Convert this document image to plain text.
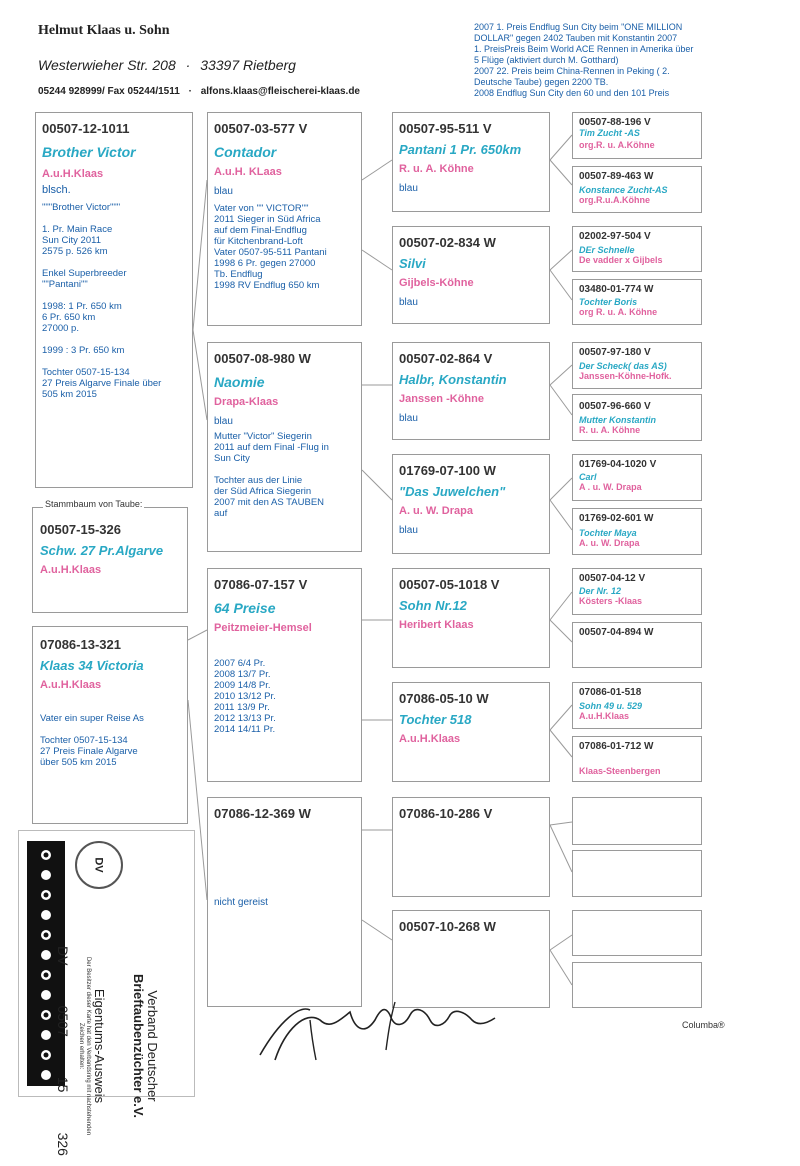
Helmut Klaas u. Sohn
Westerwieher Str. 208 · 33397 Rietberg
05244 928999/ Fax 05244/1511 · alfons.klaas@fleischerei-klaas.de
2007 1. Preis Endflug Sun City beim "ONE MILLION
DOLLAR" gegen 2402 Tauben mit Konstantin 2007
1. PreisPreis Beim World ACE Rennen in Amerika über
5 Flüge (aktiviert durch M. Gotthard)
2007 22. Preis beim China-Rennen in Peking ( 2.
Deutsche Taube) gegen 2200 TB.
2008 Endflug Sun City den 60 und den 101 Preis
00507-12-1011
Brother Victor
A.u.H.Klaas
blsch.
"""Brother Victor"""

1. Pr. Main Race
Sun City 2011
2575 p. 526 km

Enkel Superbreeder
""Pantani""

1998: 1 Pr. 650 km
6 Pr. 650 km
27000 p.

1999 : 3 Pr. 650 km

Tochter 0507-15-134
27 Preis Algarve Finale über
505 km 2015
Stammbaum von Taube:
00507-15-326
Schw. 27 Pr.Algarve
A.u.H.Klaas
07086-13-321
Klaas 34 Victoria
A.u.H.Klaas
Vater ein super Reise As

Tochter 0507-15-134
27 Preis Finale Algarve
über 505 km 2015
00507-03-577 V
Contador
A.u.H. KLaas
blau
Vater von "" VICTOR""
2011 Sieger in Süd Africa
auf dem Final-Endflug
für Kitchenbrand-Loft
Vater 0507-95-511 Pantani
1998 6 Pr. gegen 27000
Tb. Endflug
1998 RV Endflug 650 km
00507-08-980 W
Naomie
Drapa-Klaas
blau
Mutter "Victor" Siegerin
2011 auf dem Final -Flug in
Sun City

Tochter aus der Linie
der Süd Africa Siegerin
2007 mit den AS TAUBEN
auf
07086-07-157 V
64 Preise
Peitzmeier-Hemsel
2007 6/4 Pr.
2008 13/7 Pr.
2009 14/8 Pr.
2010 13/12 Pr.
2011 13/9 Pr.
2012 13/13 Pr.
2014 14/11 Pr.
07086-12-369 W
nicht gereist
00507-95-511 V
Pantani 1 Pr. 650km
R. u. A. Köhne
blau
00507-02-834 W
Silvi
Gijbels-Köhne
blau
00507-02-864 V
Halbr, Konstantin
Janssen -Köhne
blau
01769-07-100 W
"Das Juwelchen"
A. u. W. Drapa
blau
00507-05-1018 V
Sohn Nr.12
Heribert Klaas
07086-05-10 W
Tochter 518
A.u.H.Klaas
07086-10-286 V
00507-10-268 W
00507-88-196 V
Tim Zucht -AS
org.R. u. A.Köhne
00507-89-463 W
Konstance Zucht-AS
org.R.u.A.Köhne
02002-97-504 V
DEr Schnelle
De vadder x Gijbels
03480-01-774 W
Tochter Boris
org R. u. A. Köhne
00507-97-180 V
Der Scheck( das AS)
Janssen-Köhne-Hofk.
00507-96-660 V
Mutter Konstantin
R. u. A. Köhne
01769-04-1020 V
Carl
A . u. W. Drapa
01769-02-601 W
Tochter Maya
A. u. W. Drapa
00507-04-12 V
Der Nr. 12
Kösters -Klaas
00507-04-894 W
07086-01-518
Sohn 49 u. 529
A.u.H.Klaas
07086-01-712 W
Klaas-Steenbergen
DV
Verband Deutscher
Brieftaubenzüchter e.V.
Eigentums-Ausweis
Der Besitzer dieser Karte hat den Verbandsring mit nachstehenden Zeichen erhalten:
DV
0507
15
326
Columba®
